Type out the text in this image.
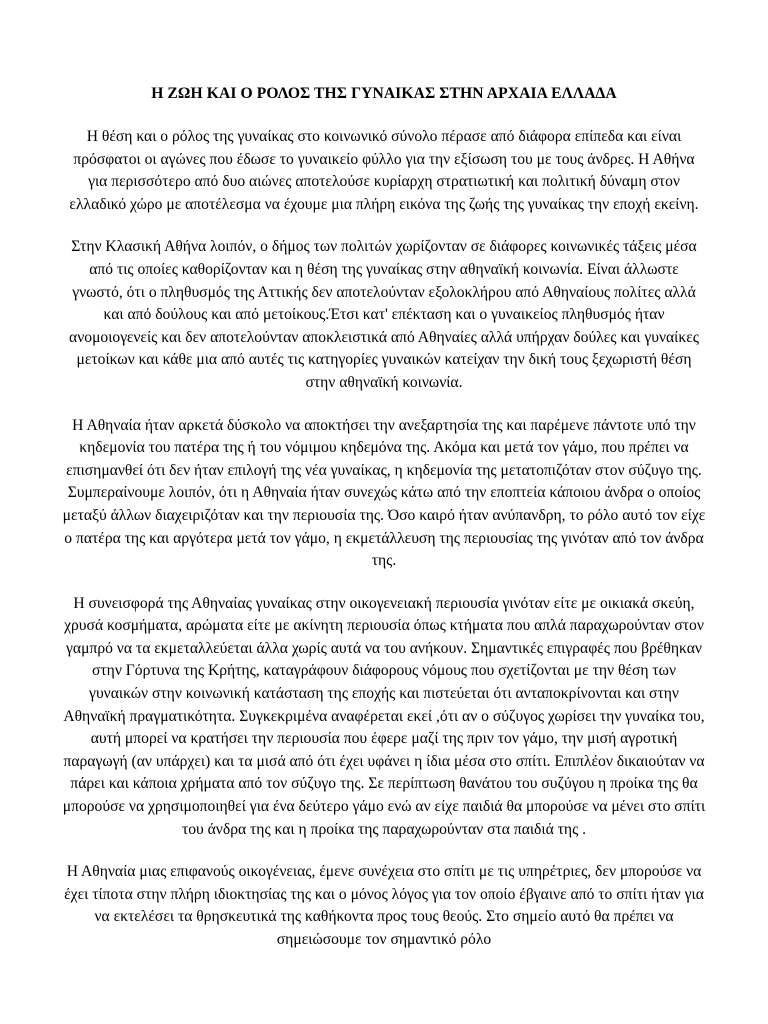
Η ΖΩΗ ΚΑΙ Ο ΡΟΛΟΣ ΤΗΣ ΓΥΝΑΙΚΑΣ ΣΤΗΝ ΑΡΧΑΙΑ ΕΛΛΑΔΑ
Η θέση και ο ρόλος της γυναίκας στο κοινωνικό σύνολο πέρασε από διάφορα επίπεδα και είναι πρόσφατοι οι αγώνες που έδωσε το γυναικείο φύλλο για την εξίσωση του με τους άνδρες. Η Αθήνα για περισσότερο από δυο αιώνες αποτελούσε κυρίαρχη στρατιωτική και πολιτική δύναμη στον ελλαδικό χώρο με αποτέλεσμα να έχουμε μια πλήρη εικόνα της ζωής της γυναίκας την εποχή εκείνη.
Στην Κλασική Αθήνα λοιπόν, ο δήμος των πολιτών χωρίζονταν σε διάφορες κοινωνικές τάξεις μέσα από τις οποίες καθορίζονταν και η θέση της γυναίκας στην αθηναϊκή κοινωνία. Είναι άλλωστε γνωστό, ότι ο πληθυσμός της Αττικής δεν αποτελούνταν εξολοκλήρου από Αθηναίους πολίτες αλλά και από δούλους και από μετοίκους.Έτσι κατ' επέκταση και ο γυναικείος πληθυσμός ήταν ανομοιογενείς και δεν αποτελούνταν αποκλειστικά από Αθηναίες αλλά υπήρχαν δούλες και γυναίκες μετοίκων και κάθε μια από αυτές τις κατηγορίες γυναικών κατείχαν την δική τους ξεχωριστή θέση στην αθηναϊκή κοινωνία.
Η Αθηναία ήταν αρκετά δύσκολο να αποκτήσει την ανεξαρτησία της και παρέμενε πάντοτε υπό την κηδεμονία του πατέρα της ή του νόμιμου κηδεμόνα της. Ακόμα και μετά τον γάμο, που πρέπει να επισημανθεί ότι δεν ήταν επιλογή της νέα γυναίκας, η κηδεμονία της μετατοπιζόταν στον σύζυγο της. Συμπεραίνουμε λοιπόν, ότι η Αθηναία ήταν συνεχώς κάτω από την εποπτεία κάποιου άνδρα ο οποίος μεταξύ άλλων διαχειριζόταν και την περιουσία της. Όσο καιρό ήταν ανύπανδρη, το ρόλο αυτό τον είχε ο πατέρα της και αργότερα μετά τον γάμο, η εκμετάλλευση της περιουσίας της γινόταν από τον άνδρα της.
Η συνεισφορά της Αθηναίας γυναίκας στην οικογενειακή περιουσία γινόταν είτε με οικιακά σκεύη, χρυσά κοσμήματα, αρώματα είτε με ακίνητη περιουσία όπως κτήματα που απλά παραχωρούνταν στον γαμπρό να τα εκμεταλλεύεται άλλα χωρίς αυτά να του ανήκουν. Σημαντικές επιγραφές που βρέθηκαν στην Γόρτυνα της Κρήτης, καταγράφουν διάφορους νόμους που σχετίζονται με την θέση των γυναικών στην κοινωνική κατάσταση της εποχής και πιστεύεται ότι ανταποκρίνονται και στην Αθηναϊκή πραγματικότητα. Συγκεκριμένα αναφέρεται εκεί ,ότι αν ο σύζυγος χωρίσει την γυναίκα του, αυτή μπορεί να κρατήσει την περιουσία που έφερε μαζί της πριν τον γάμο, την μισή αγροτική παραγωγή (αν υπάρχει) και τα μισά από ότι έχει υφάνει η ίδια μέσα στο σπίτι. Επιπλέον δικαιούταν να πάρει και κάποια χρήματα από τον σύζυγο της. Σε περίπτωση θανάτου του συζύγου η προίκα της θα μπορούσε να χρησιμοποιηθεί για ένα δεύτερο γάμο ενώ αν είχε παιδιά θα μπορούσε να μένει στο σπίτι του άνδρα της και η προίκα της παραχωρούνταν στα παιδιά της .
Η Αθηναία μιας επιφανούς οικογένειας, έμενε συνέχεια στο σπίτι με τις υπηρέτριες, δεν μπορούσε να έχει τίποτα στην πλήρη ιδιοκτησίας της και ο μόνος λόγος για τον οποίο έβγαινε από το σπίτι ήταν για να εκτελέσει τα θρησκευτικά της καθήκοντα προς τους θεούς. Στο σημείο αυτό θα πρέπει να σημειώσουμε τον σημαντικό ρόλο
